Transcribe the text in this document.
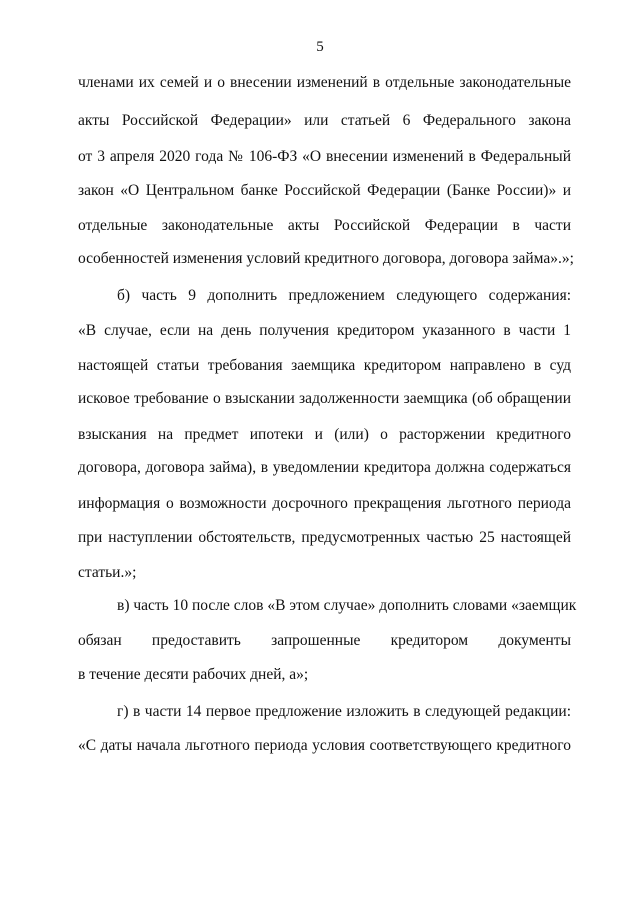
5
членами их семей и о внесении изменений в отдельные законодательные
акты Российской Федерации» или статьей 6 Федерального закона
от 3 апреля 2020 года № 106-ФЗ «О внесении изменений в Федеральный
закон «О Центральном банке Российской Федерации (Банке России)» и
отдельные законодательные акты Российской Федерации в части
особенностей изменения условий кредитного договора, договора займа».»;
б) часть 9 дополнить предложением следующего содержания:
«В случае, если на день получения кредитором указанного в части 1
настоящей статьи требования заемщика кредитором направлено в суд
исковое требование о взыскании задолженности заемщика (об обращении
взыскания на предмет ипотеки и (или) о расторжении кредитного
договора, договора займа), в уведомлении кредитора должна содержаться
информация о возможности досрочного прекращения льготного периода
при наступлении обстоятельств, предусмотренных частью 25 настоящей
статьи.»;
в) часть 10 после слов «В этом случае» дополнить словами «заемщик
обязан предоставить запрошенные кредитором документы
в течение десяти рабочих дней, а»;
г) в части 14 первое предложение изложить в следующей редакции:
«С даты начала льготного периода условия соответствующего кредитного
